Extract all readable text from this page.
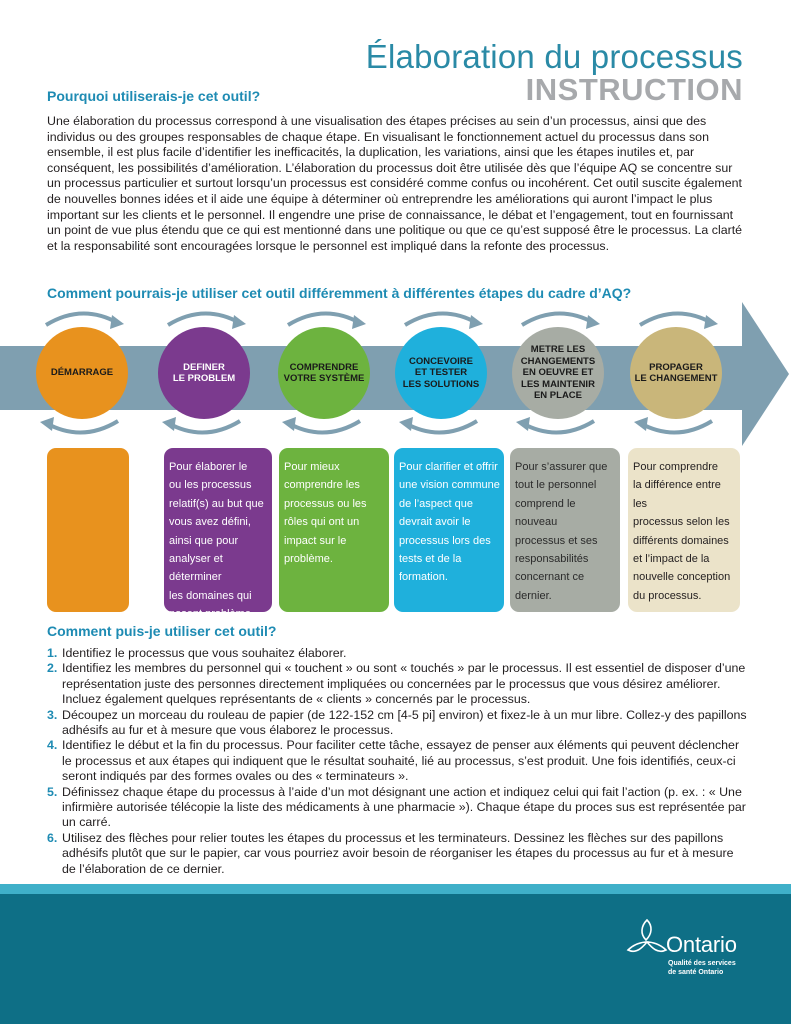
Élaboration du processus
INSTRUCTION
Pourquoi utiliserais-je cet outil?

Une élaboration du processus correspond à une visualisation des étapes précises au sein d’un processus, ainsi que des individus ou des groupes responsables de chaque étape. En visualisant le fonctionnement actuel du processus dans son ensemble, il est plus facile d’identifier les inefficacités, la duplication, les variations, ainsi que les étapes inutiles et, par conséquent, les possibilités d’amélioration. L’élaboration du processus doit être utilisée dès que l’équipe AQ se concentre sur un processus particulier et surtout lorsqu’un processus est considéré comme confus ou incohérent. Cet outil suscite également de nouvelles bonnes idées et il aide une équipe à déterminer où entreprendre les améliorations qui auront l’impact le plus important sur les clients et le personnel. Il engendre une prise de connaissance, le débat et l’engagement, tout en fournissant un point de vue plus étendu que ce qui est mentionné dans une politique ou que ce qu’est supposé être le processus. La clarté et la responsabilité sont encouragées lorsque le personnel est impliqué dans la refonte des processus.

Comment pourrais-je utiliser cet outil différemment à différentes étapes du cadre d’AQ?
DÉMARRAGE
DEFINER
LE PROBLEM
COMPRENDRE
VOTRE SYSTÈME
CONCEVOIRE
ET TESTER
LES SOLUTIONS
METRE LES
CHANGEMENTS
EN OEUVRE ET
LES MAINTENIR
EN PLACE
PROPAGER
LE CHANGEMENT
Pour élaborer le
ou les processus
relatif(s) au but que
vous avez défini,
ainsi que pour
analyser et déterminer
les domaines qui
posent problème.
Pour mieux
comprendre les
processus ou les
rôles qui ont un
impact sur le
problème.
Pour clarifier et offrir
une vision commune
de l’aspect que
devrait avoir le
processus lors des
tests et de la
formation.
Pour s’assurer que
tout le personnel
comprend le nouveau
processus et ses
responsabilités
concernant ce dernier.
Pour comprendre
la différence entre les
processus selon les
différents domaines
et l’impact de la
nouvelle conception
du processus.
Comment puis-je utiliser cet outil?
1. Identifiez le processus que vous souhaitez élaborer.
2. Identifiez les membres du personnel qui « touchent » ou sont « touchés » par le processus. Il est essentiel de disposer d’une représentation juste des personnes directement impliquées ou concernées par le processus que vous désirez améliorer. Incluez également quelques représentants de « clients » concernés par le processus.
3. Découpez un morceau du rouleau de papier (de 122-152 cm [4-5 pi] environ) et fixez-le à un mur libre. Collez-y des papillons adhésifs au fur et à mesure que vous élaborez le processus.
4. Identifiez le début et la fin du processus. Pour faciliter cette tâche, essayez de penser aux éléments qui peuvent déclencher le processus et aux étapes qui indiquent que le résultat souhaité, lié au processus, s’est produit. Une fois identifiés, ceux-ci seront indiqués par des formes ovales ou des « terminateurs ».
5. Définissez chaque étape du processus à l’aide d’un mot désignant une action et indiquez celui qui fait l’action (p. ex. : « Une infirmière autorisée télécopie la liste des médicaments à une pharmacie »). Chaque étape du proces sus est représentée par un carré.
6. Utilisez des flèches pour relier toutes les étapes du processus et les terminateurs. Dessinez les flèches sur des papillons adhésifs plutôt que sur le papier, car vous pourriez avoir besoin de réorganiser les étapes du processus au fur et à mesure de l’élaboration de ce dernier.
Ontario
Qualité des services
de santé Ontario
